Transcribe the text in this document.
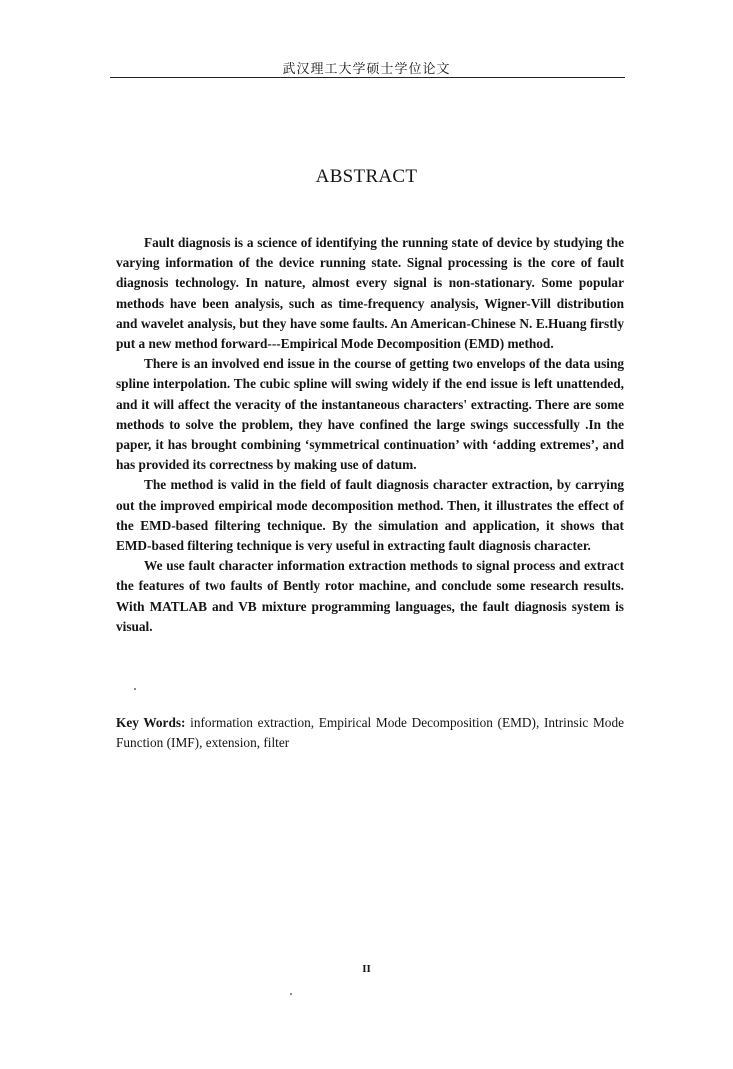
武汉理工大学硕士学位论文
ABSTRACT

Fault diagnosis is a science of identifying the running state of device by studying the varying information of the device running state. Signal processing is the core of fault diagnosis technology. In nature, almost every signal is non-stationary. Some popular methods have been analysis, such as time-frequency analysis, Wigner-Vill distribution and wavelet analysis, but they have some faults. An American-Chinese N. E.Huang firstly put a new method forward---Empirical Mode Decomposition (EMD) method.

There is an involved end issue in the course of getting two envelops of the data using spline interpolation. The cubic spline will swing widely if the end issue is left unattended, and it will affect the veracity of the instantaneous characters' extracting. There are some methods to solve the problem, they have confined the large swings successfully .In the paper, it has brought combining ‘symmetrical continuation’ with ‘adding extremes’, and has provided its correctness by making use of datum.

The method is valid in the field of fault diagnosis character extraction, by carrying out the improved empirical mode decomposition method. Then, it illustrates the effect of the EMD-based filtering technique. By the simulation and application, it shows that EMD-based filtering technique is very useful in extracting fault diagnosis character.

We use fault character information extraction methods to signal process and extract the features of two faults of Bently rotor machine, and conclude some research results. With MATLAB and VB mixture programming languages, the fault diagnosis system is visual.

Key Words: information extraction, Empirical Mode Decomposition (EMD), Intrinsic Mode Function (IMF), extension, filter

II
